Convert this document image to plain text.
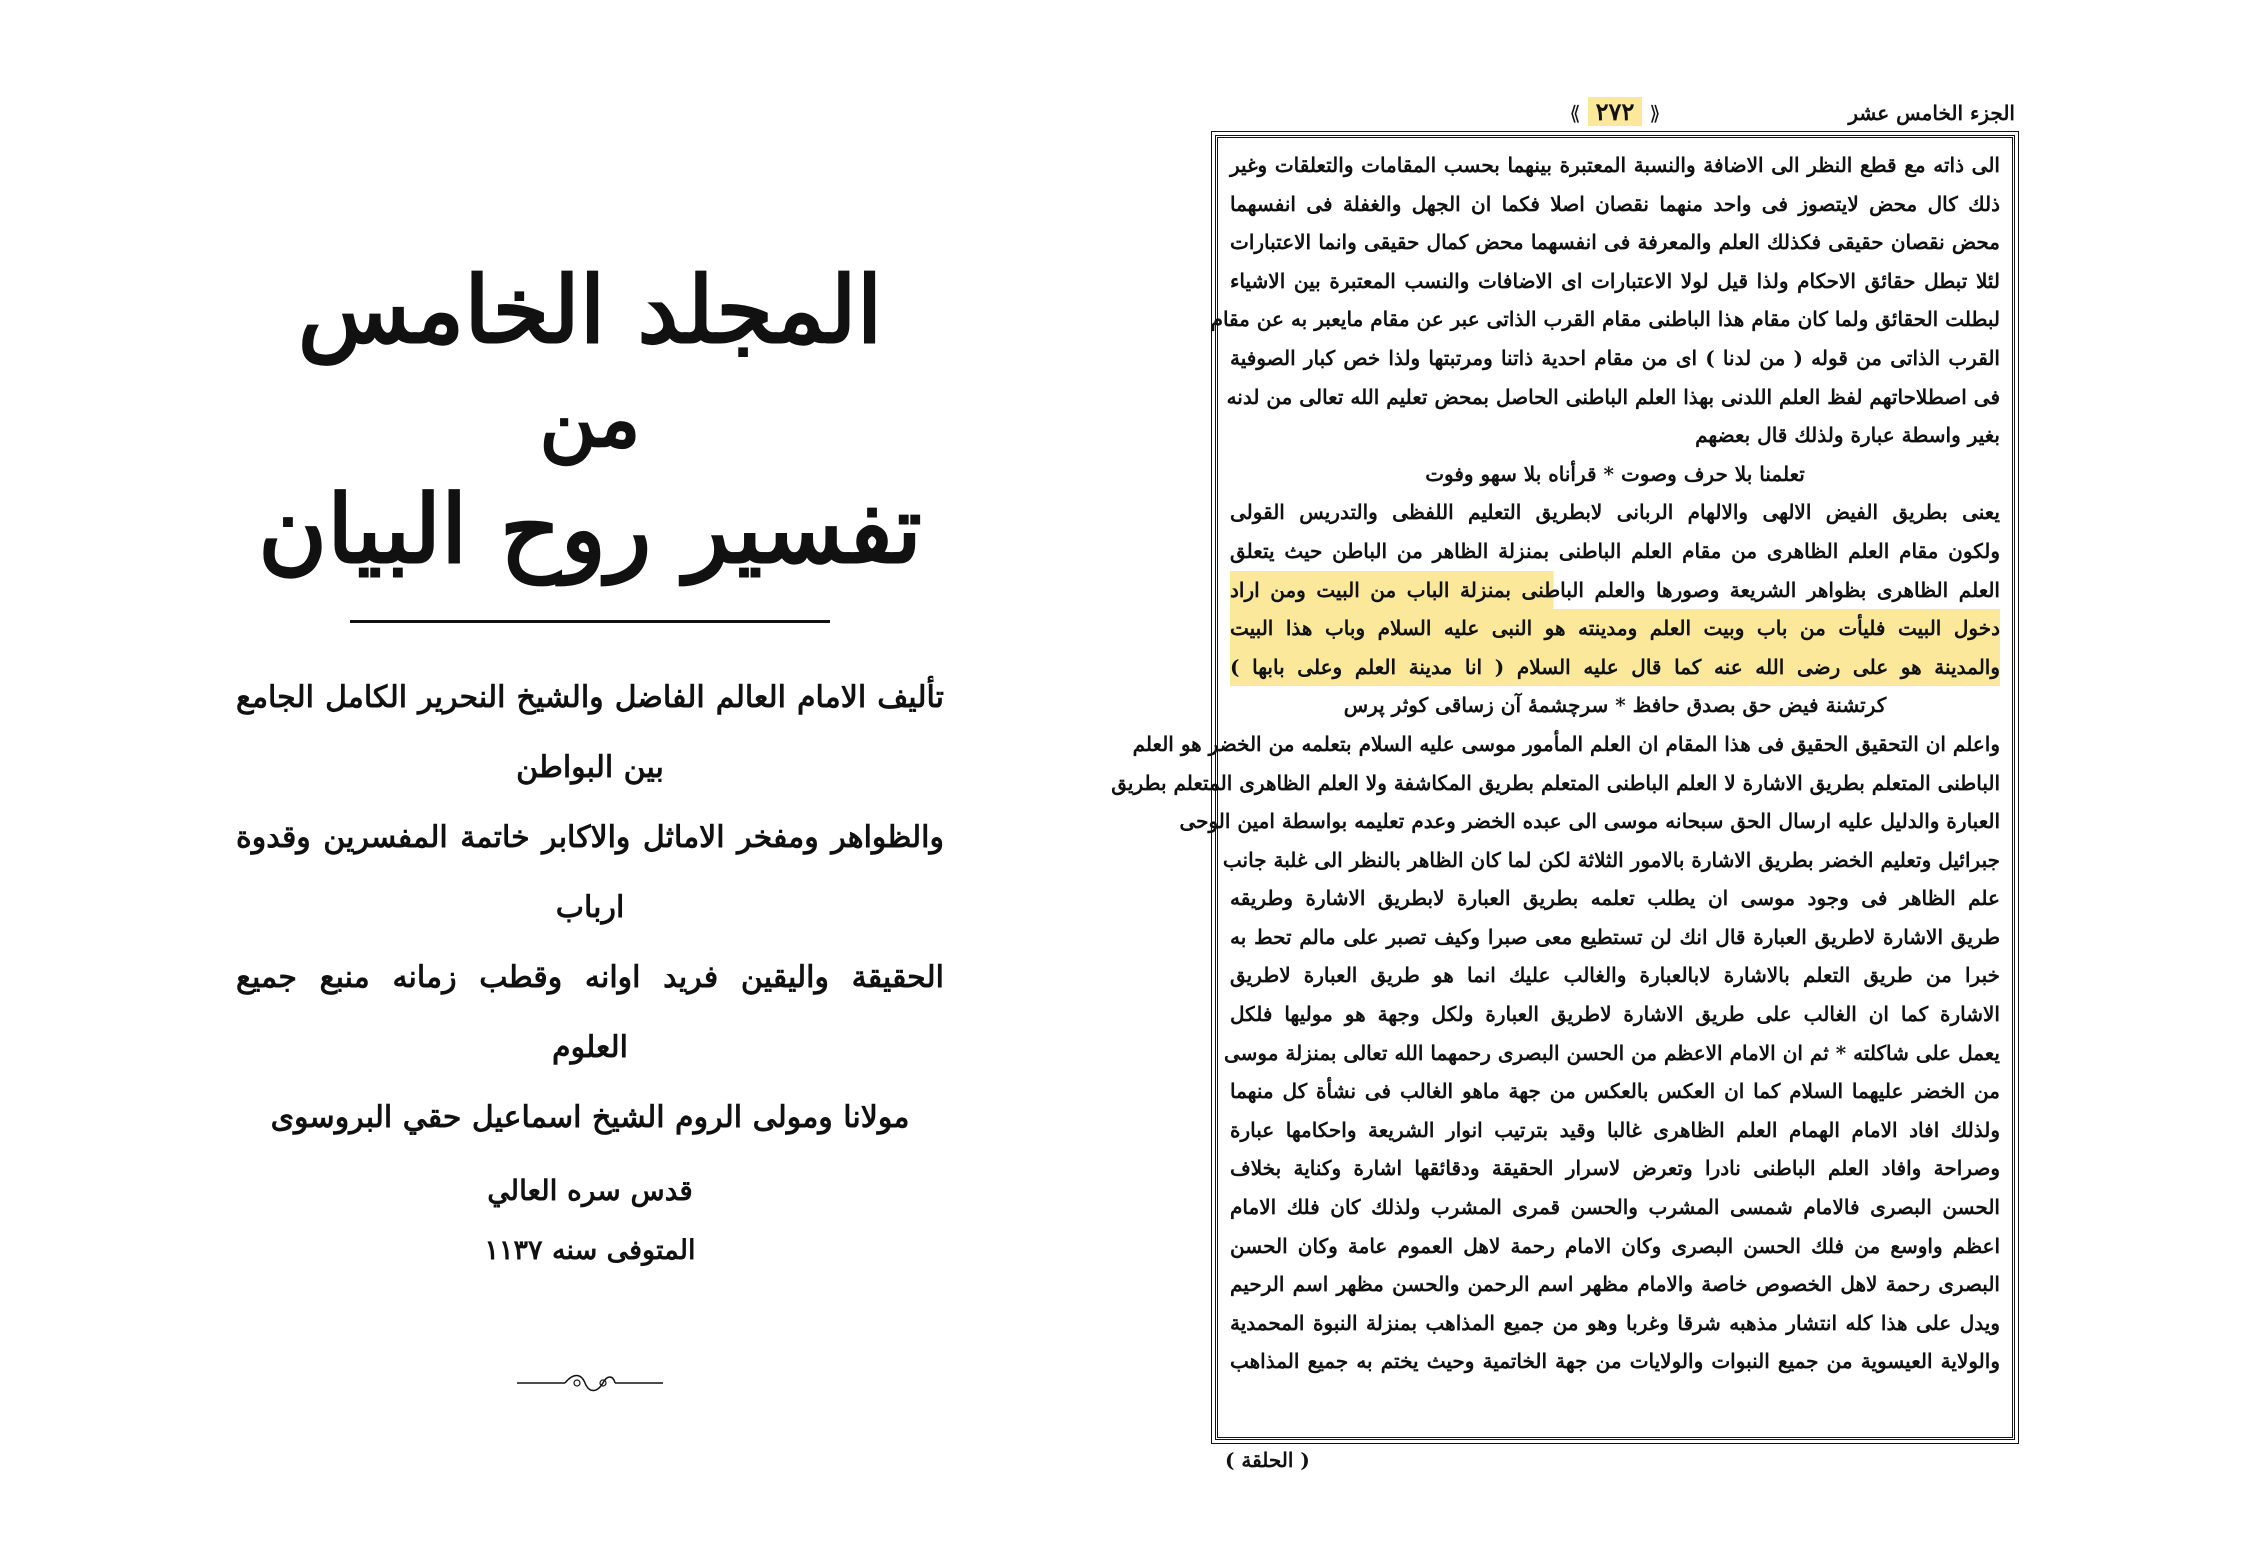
المجلد الخامس
من
تفسير روح البيان
تأليف الامام العالم الفاضل والشيخ النحرير الكامل الجامع بين البواطن
والظواهر ومفخر الاماثل والاكابر خاتمة المفسرين وقدوة ارباب
الحقيقة واليقين فريد اوانه وقطب زمانه منبع جميع العلوم
مولانا ومولى الروم الشيخ اسماعيل حقي البروسوى
قدس سره العالي
المتوفى سنه ١١٣٧
الجزء الخامس عشر
⟪ ٢٧٢ ⟫
الى ذاته مع قطع النظر الى الاضافة والنسبة المعتبرة بينهما بحسب المقامات والتعلقات وغير
ذلك كال محض لايتصوز فى واحد منهما نقصان اصلا فكما ان الجهل والغفلة فى انفسهما
محض نقصان حقيقى فكذلك العلم والمعرفة فى انفسهما محض كمال حقيقى وانما الاعتبارات
لئلا تبطل حقائق الاحكام ولذا قيل لولا الاعتبارات اى الاضافات والنسب المعتبرة بين الاشياء
لبطلت الحقائق ولما كان مقام هذا الباطنى مقام القرب الذاتى عبر عن مقام مايعبر به عن مقام
القرب الذاتى من قوله ( من لدنا ) اى من مقام احدية ذاتنا ومرتبتها ولذا خص كبار الصوفية
فى اصطلاحاتهم لفظ العلم اللدنى بهذا العلم الباطنى الحاصل بمحض تعليم الله تعالى من لدنه
بغير واسطة عبارة ولذلك قال بعضهم
تعلمنا بلا حرف وصوت * قرأناه بلا سهو وفوت
يعنى بطريق الفيض الالهى والالهام الربانى لابطريق التعليم اللفظى والتدريس القولى
ولكون مقام العلم الظاهرى من مقام العلم الباطنى بمنزلة الظاهر من الباطن حيث يتعلق
العلم الظاهرى بظواهر الشريعة وصورها والعلم الباطنى بمنزلة الباب من البيت ومن اراد
دخول البيت فليأت من باب وبيت العلم ومدينته هو النبى عليه السلام وباب هذا البيت
والمدينة هو على رضى الله عنه كما قال عليه السلام ( انا مدينة العلم وعلى بابها )
كرتشنة فيض حق بصدق حافظ * سرچشمۀ آن زساقى كوثر پرس
واعلم ان التحقيق الحقيق فى هذا المقام ان العلم المأمور موسى عليه السلام بتعلمه من الخضر هو العلم
الباطنى المتعلم بطريق الاشارة لا العلم الباطنى المتعلم بطريق المكاشفة ولا العلم الظاهرى المتعلم بطريق
العبارة والدليل عليه ارسال الحق سبحانه موسى الى عبده الخضر وعدم تعليمه بواسطة امين الوحى
جبرائيل وتعليم الخضر بطريق الاشارة بالامور الثلاثة لكن لما كان الظاهر بالنظر الى غلبة جانب
علم الظاهر فى وجود موسى ان يطلب تعلمه بطريق العبارة لابطريق الاشارة وطريقه
طريق الاشارة لاطريق العبارة قال انك لن تستطيع معى صبرا وكيف تصبر على مالم تحط به
خبرا من طريق التعلم بالاشارة لابالعبارة والغالب عليك انما هو طريق العبارة لاطريق
الاشارة كما ان الغالب على طريق الاشارة لاطريق العبارة ولكل وجهة هو موليها فلكل
يعمل على شاكلته * ثم ان الامام الاعظم من الحسن البصرى رحمهما الله تعالى بمنزلة موسى
من الخضر عليهما السلام كما ان العكس بالعكس من جهة ماهو الغالب فى نشأة كل منهما
ولذلك افاد الامام الهمام العلم الظاهرى غالبا وقيد بترتيب انوار الشريعة واحكامها عبارة
وصراحة وافاد العلم الباطنى نادرا وتعرض لاسرار الحقيقة ودقائقها اشارة وكناية بخلاف
الحسن البصرى فالامام شمسى المشرب والحسن قمرى المشرب ولذلك كان فلك الامام
اعظم واوسع من فلك الحسن البصرى وكان الامام رحمة لاهل العموم عامة وكان الحسن
البصرى رحمة لاهل الخصوص خاصة والامام مظهر اسم الرحمن والحسن مظهر اسم الرحيم
ويدل على هذا كله انتشار مذهبه شرقا وغربا وهو من جميع المذاهب بمنزلة النبوة المحمدية
والولاية العيسوية من جميع النبوات والولايات من جهة الخاتمية وحيث يختم به جميع المذاهب
( الحلقة )
